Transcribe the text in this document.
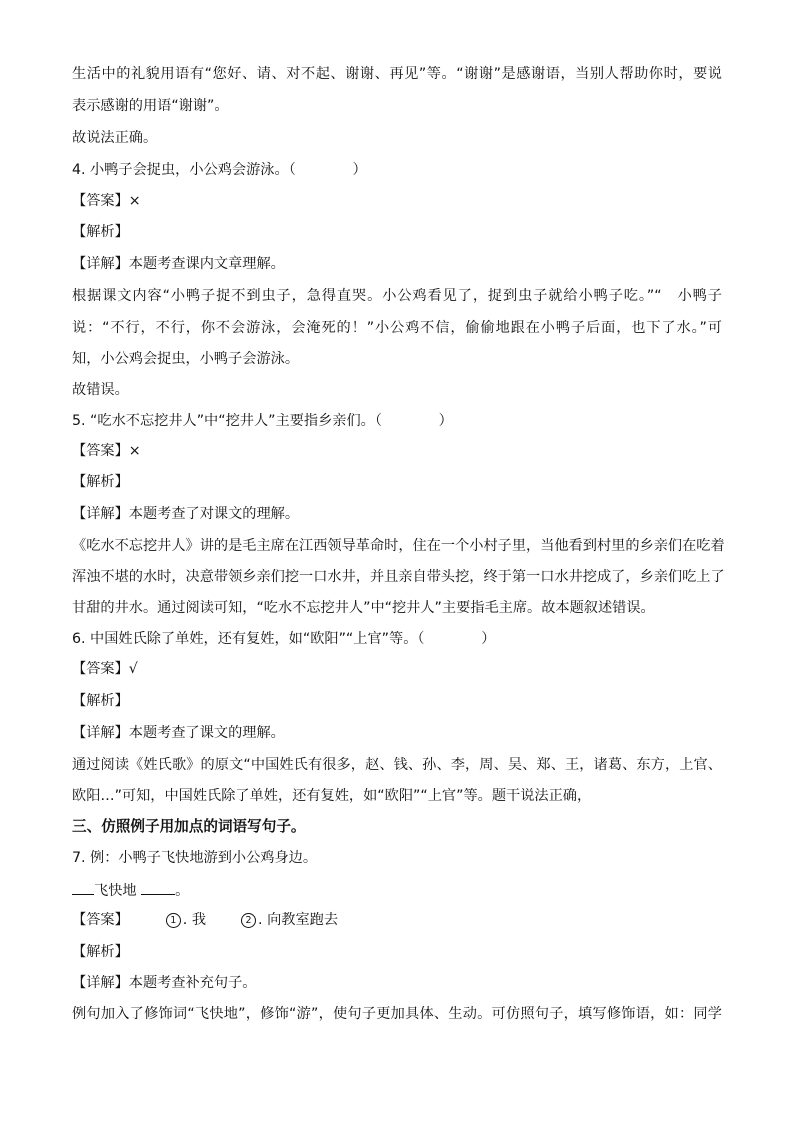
生活中的礼貌用语有“您好、请、对不起、谢谢、再见”等。“谢谢”是感谢语，当别人帮助你时，要说
表示感谢的用语“谢谢”。
故说法正确。
4. 小鸭子会捉虫，小公鸡会游泳。（　　　　）
【答案】×
【解析】
【详解】本题考查课内文章理解。
根据课文内容“小鸭子捉不到虫子，急得直哭。小公鸡看见了，捉到虫子就给小鸭子吃。”“　小鸭子
说：“不行，不行，你不会游泳，会淹死的！”小公鸡不信，偷偷地跟在小鸭子后面，也下了水。”可
知，小公鸡会捉虫，小鸭子会游泳。
故错误。
5. “吃水不忘挖井人”中“挖井人”主要指乡亲们。（　　　　）
【答案】×
【解析】
【详解】本题考查了对课文的理解。
《吃水不忘挖井人》讲的是毛主席在江西领导革命时，住在一个小村子里，当他看到村里的乡亲们在吃着
浑浊不堪的水时，决意带领乡亲们挖一口水井，并且亲自带头挖，终于第一口水井挖成了，乡亲们吃上了
甘甜的井水。通过阅读可知，“吃水不忘挖井人”中“挖井人”主要指毛主席。故本题叙述错误。
6. 中国姓氏除了单姓，还有复姓，如“欧阳”“上官”等。（　　　　）
【答案】√
【解析】
【详解】本题考查了课文的理解。
通过阅读《姓氏歌》的原文“中国姓氏有很多，赵、钱、孙、李，周、吴、郑、王，诸葛、东方，上官、
欧阳…”可知，中国姓氏除了单姓，还有复姓，如“欧阳”“上官”等。题干说法正确，
三、仿照例子用加点的词语写句子。
7. 例：小鸭子飞快地游到小公鸡身边。
飞快地	。
【答案】	1 . 我	2 . 向教室跑去
【解析】
【详解】本题考查补充句子。
例句加入了修饰词“飞快地”，修饰“游”，使句子更加具体、生动。可仿照句子，填写修饰语，如：同学
